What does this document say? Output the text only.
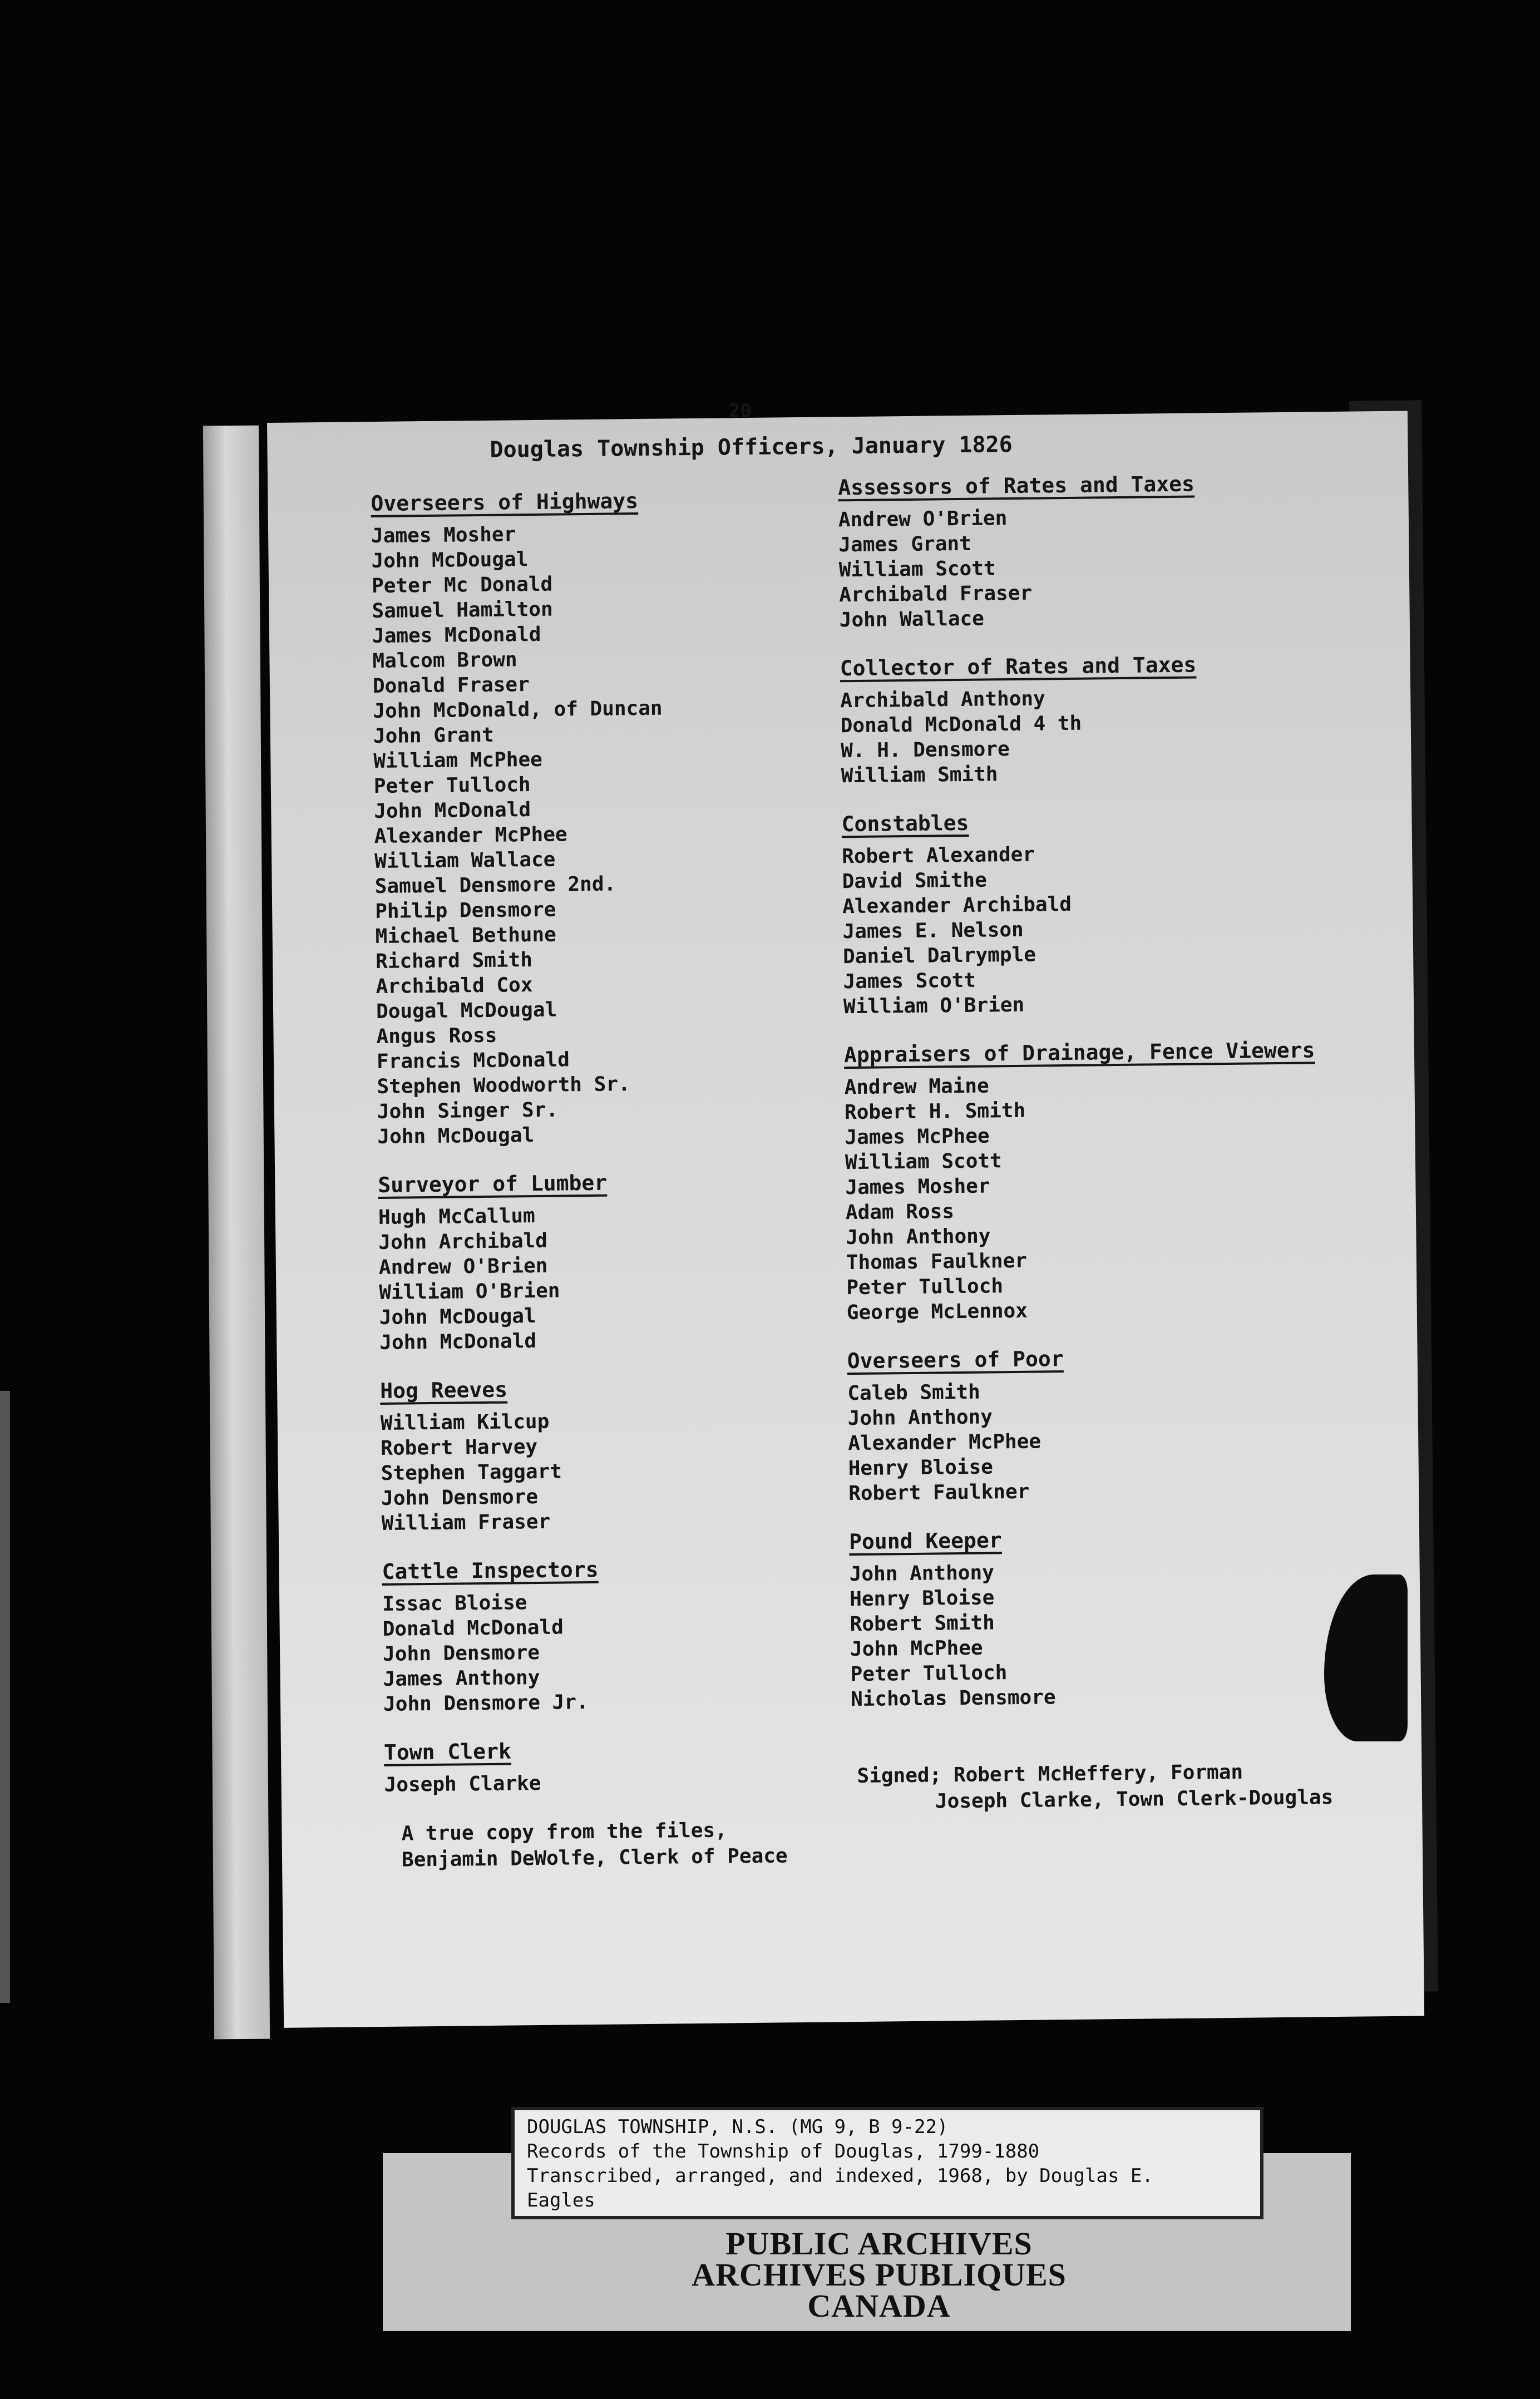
20
Douglas Township Officers, January 1826
Overseers of Highways
James Mosher
John McDougal
Peter Mc Donald
Samuel Hamilton
James McDonald
Malcom Brown
Donald Fraser
John McDonald, of Duncan
John Grant
William McPhee
Peter Tulloch
John McDonald
Alexander McPhee
William Wallace
Samuel Densmore 2nd.
Philip Densmore
Michael Bethune
Richard Smith
Archibald Cox
Dougal McDougal
Angus Ross
Francis McDonald
Stephen Woodworth Sr.
John Singer Sr.
John McDougal
Surveyor of Lumber
Hugh McCallum
John Archibald
Andrew O'Brien
William O'Brien
John McDougal
John McDonald
Hog Reeves
William Kilcup
Robert Harvey
Stephen Taggart
John Densmore
William Fraser
Cattle Inspectors
Issac Bloise
Donald McDonald
John Densmore
James Anthony
John Densmore Jr.
Town Clerk
Joseph Clarke
Assessors of Rates and Taxes
Andrew O'Brien
James Grant
William Scott
Archibald Fraser
John Wallace
Collector of Rates and Taxes
Archibald Anthony
Donald McDonald 4 th
W. H. Densmore
William Smith
Constables
Robert Alexander
David Smithe
Alexander Archibald
James E. Nelson
Daniel Dalrymple
James Scott
William O'Brien
Appraisers of Drainage, Fence Viewers
Andrew Maine
Robert H. Smith
James McPhee
William Scott
James Mosher
Adam Ross
John Anthony
Thomas Faulkner
Peter Tulloch
George McLennox
Overseers of Poor
Caleb Smith
John Anthony
Alexander McPhee
Henry Bloise
Robert Faulkner
Pound Keeper
John Anthony
Henry Bloise
Robert Smith
John McPhee
Peter Tulloch
Nicholas Densmore
Signed; Robert McHeffery, Forman
Joseph Clarke, Town Clerk-Douglas
A true copy from the files,
Benjamin DeWolfe, Clerk of Peace
DOUGLAS TOWNSHIP, N.S. (MG 9, B 9-22)
Records of the Township of Douglas, 1799-1880
Transcribed, arranged, and indexed, 1968, by Douglas E.
Eagles
PUBLIC ARCHIVES
ARCHIVES PUBLIQUES
CANADA
